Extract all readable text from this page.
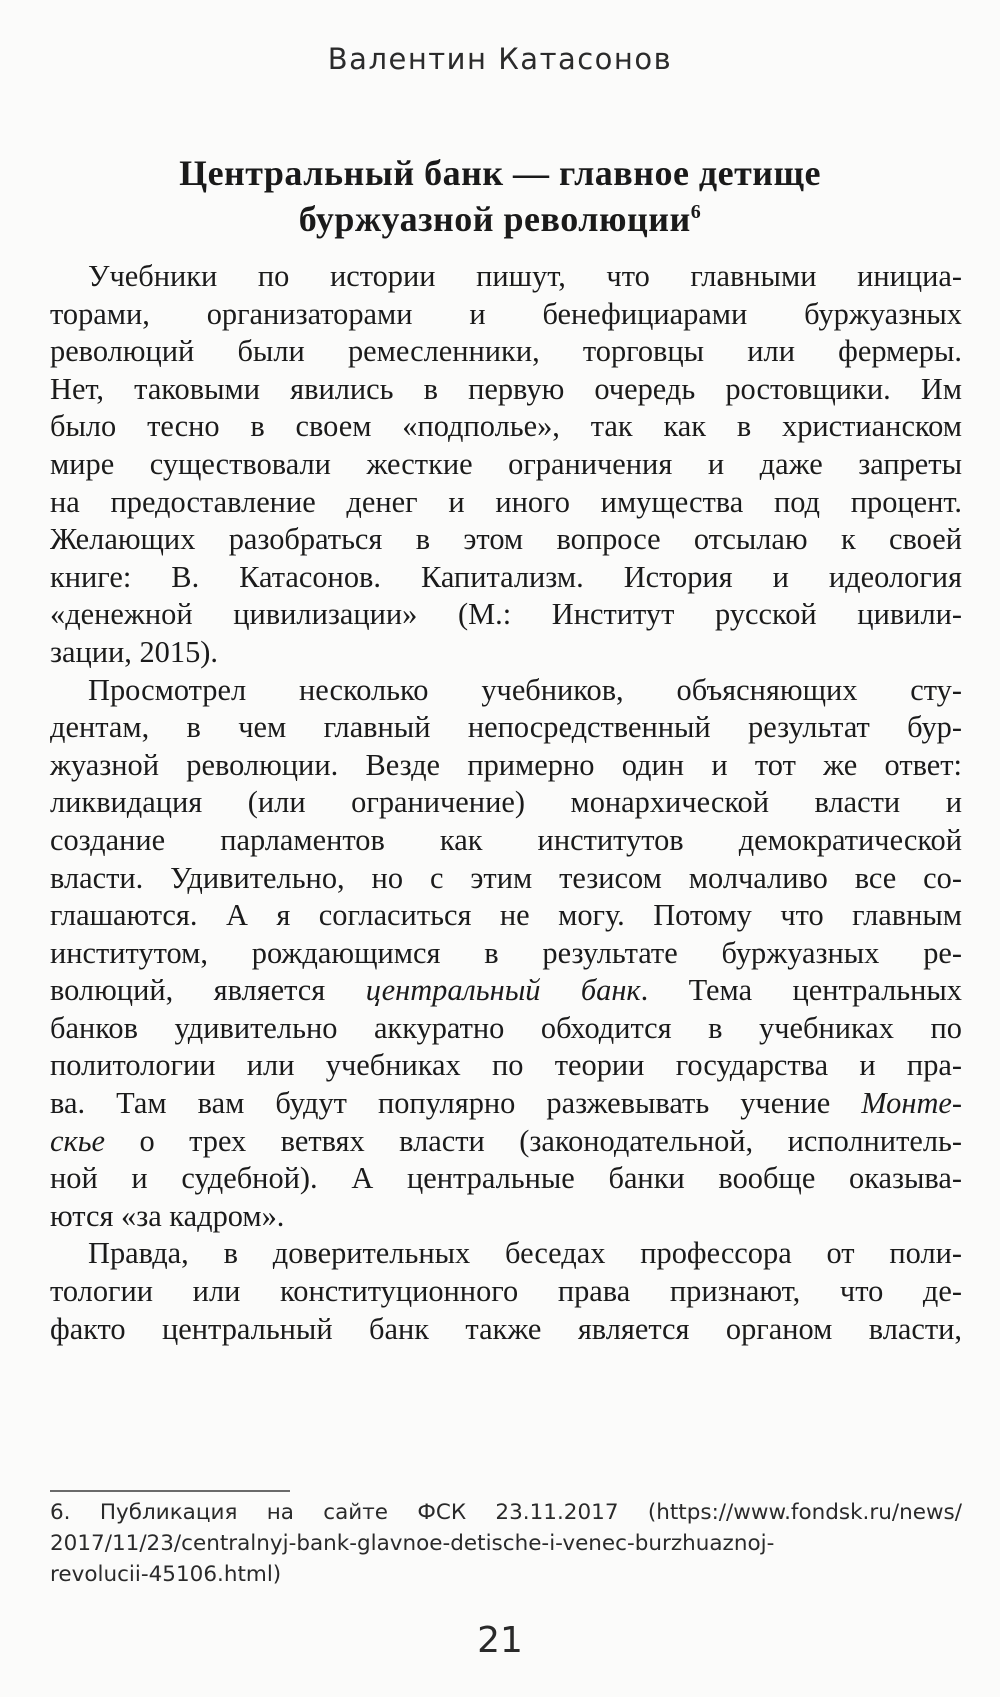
Валентин Катасонов
Центральный банк — главное детище
буржуазной революции$^6$
Учебники по истории пишут, что главными инициа-
торами, организаторами и бенефициарами буржуазных
революций были ремесленники, торговцы или фермеры.
Нет, таковыми явились в первую очередь ростовщики. Им
было тесно в своем «подполье», так как в христианском
мире существовали жесткие ограничения и даже запреты
на предоставление денег и иного имущества под процент.
Желающих разобраться в этом вопросе отсылаю к своей
книге: В. Катасонов. Капитализм. История и идеология
«денежной цивилизации» (М.: Институт русской цивили-
зации, 2015).
Просмотрел несколько учебников, объясняющих сту-
дентам, в чем главный непосредственный результат бур-
жуазной революции. Везде примерно один и тот же ответ:
ликвидация (или ограничение) монархической власти и
создание парламентов как институтов демократической
власти. Удивительно, но с этим тезисом молчаливо все со-
глашаются. А я согласиться не могу. Потому что главным
институтом, рождающимся в результате буржуазных ре-
волюций, является центральный банк. Тема центральных
банков удивительно аккуратно обходится в учебниках по
политологии или учебниках по теории государства и пра-
ва. Там вам будут популярно разжевывать учение Монте-
скье о трех ветвях власти (законодательной, исполнитель-
ной и судебной). А центральные банки вообще оказыва-
ются «за кадром».
Правда, в доверительных беседах профессора от поли-
тологии или конституционного права признают, что де-
факто центральный банк также является органом власти,
6. Публикация на сайте ФСК 23.11.2017 (https://www.fondsk.ru/news/
2017/11/23/centralnyj-bank-glavnoe-detische-i-venec-burzhuaznoj-
revolucii-45106.html)
21
